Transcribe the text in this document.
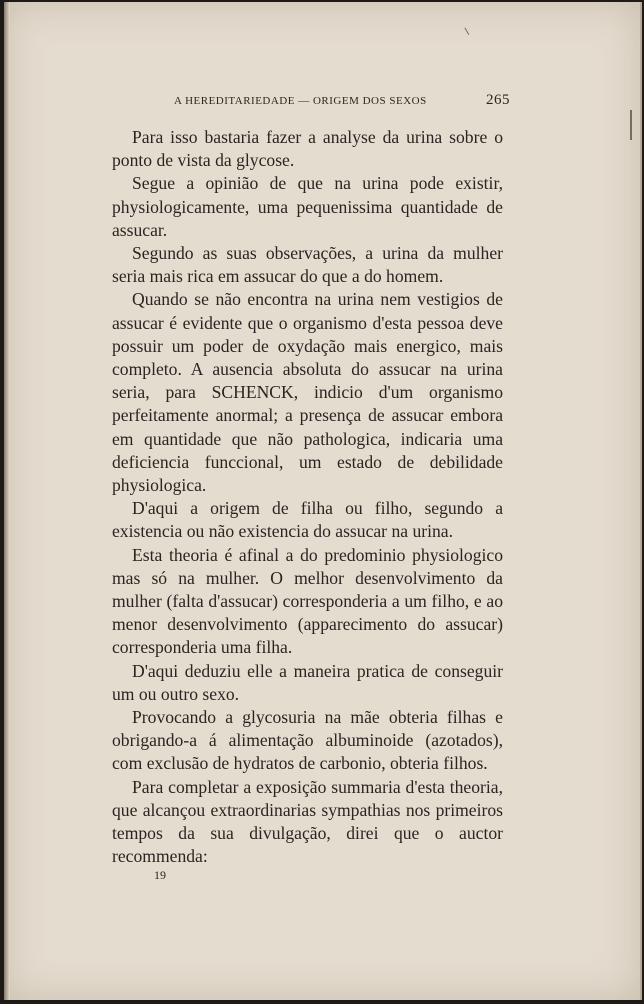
A HEREDITARIEDADE — ORIGEM DOS SEXOS	265

Para isso bastaria fazer a analyse da urina sobre o ponto de vista da glycose.

Segue a opinião de que na urina pode existir, physiologicamente, uma pequenissima quantidade de assucar.

Segundo as suas observações, a urina da mulher seria mais rica em assucar do que a do homem.

Quando se não encontra na urina nem vestigios de assucar é evidente que o organismo d'esta pessoa deve possuir um poder de oxydação mais energico, mais completo. A ausencia absoluta do assucar na urina seria, para SCHENCK, indicio d'um organismo perfeitamente anormal; a presença de assucar embora em quantidade que não pathologica, indicaria uma deficiencia funccional, um estado de debilidade physiologica.

D'aqui a origem de filha ou filho, segundo a existencia ou não existencia do assucar na urina.

Esta theoria é afinal a do predominio physiologico mas só na mulher. O melhor desenvolvimento da mulher (falta d'assucar) corresponderia a um filho, e ao menor desenvolvimento (apparecimento do assucar) corresponderia uma filha.

D'aqui deduziu elle a maneira pratica de conseguir um ou outro sexo.

Provocando a glycosuria na mãe obteria filhas e obrigando-a á alimentação albuminoide (azotados), com exclusão de hydratos de carbonio, obteria filhos.

Para completar a exposição summaria d'esta theoria, que alcançou extraordinarias sympathias nos primeiros tempos da sua divulgação, direi que o auctor recommenda:

19
